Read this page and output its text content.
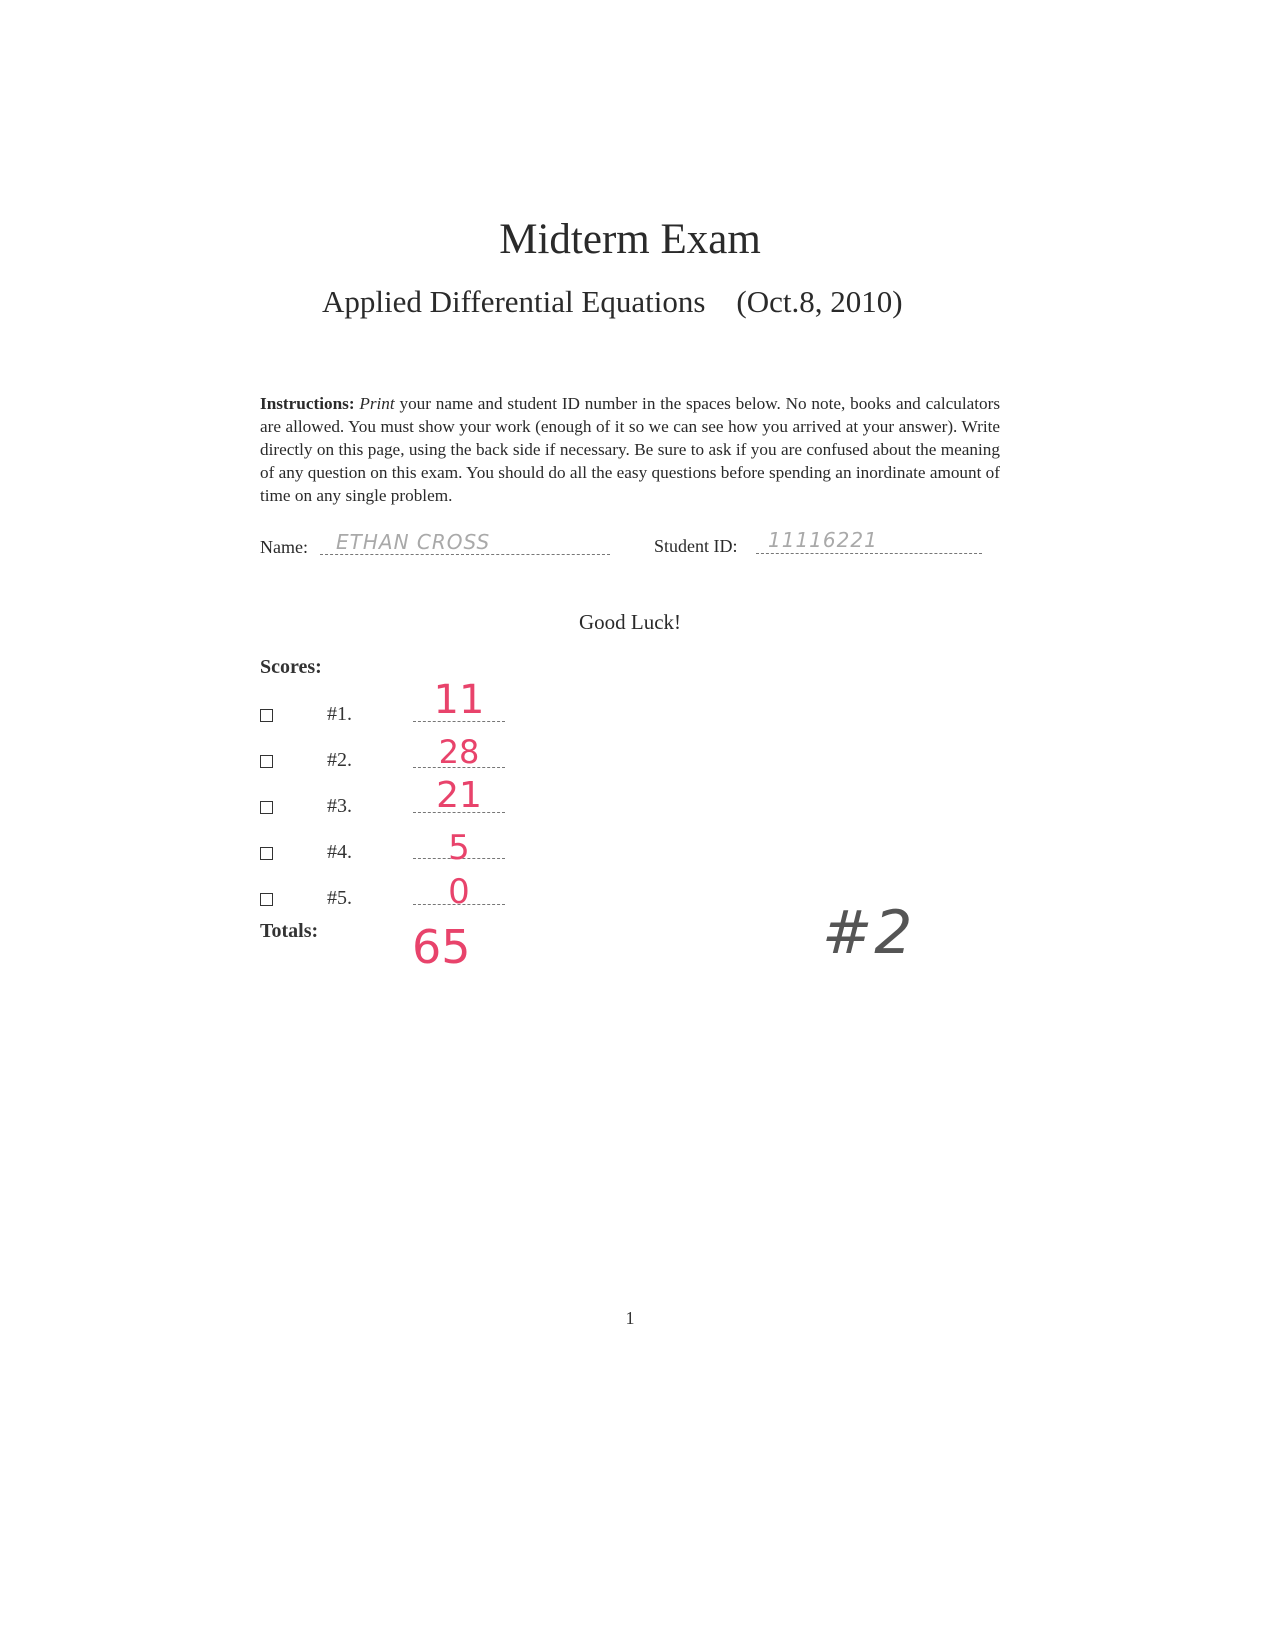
Midterm Exam
Applied Differential Equations    (Oct.8, 2010)
Instructions: Print your name and student ID number in the spaces below. No note, books and calculators are allowed. You must show your work (enough of it so we can see how you arrived at your answer). Write directly on this page, using the back side if necessary. Be sure to ask if you are confused about the meaning of any question on this exam. You should do all the easy questions before spending an inordinate amount of time on any single problem.
Name: ETHAN CROSS	Student ID: 11116221
Good Luck!
Scores:
#1.	11
#2.	28
#3.	21
#4.	5
#5.	0
Totals: 65	#2
1
